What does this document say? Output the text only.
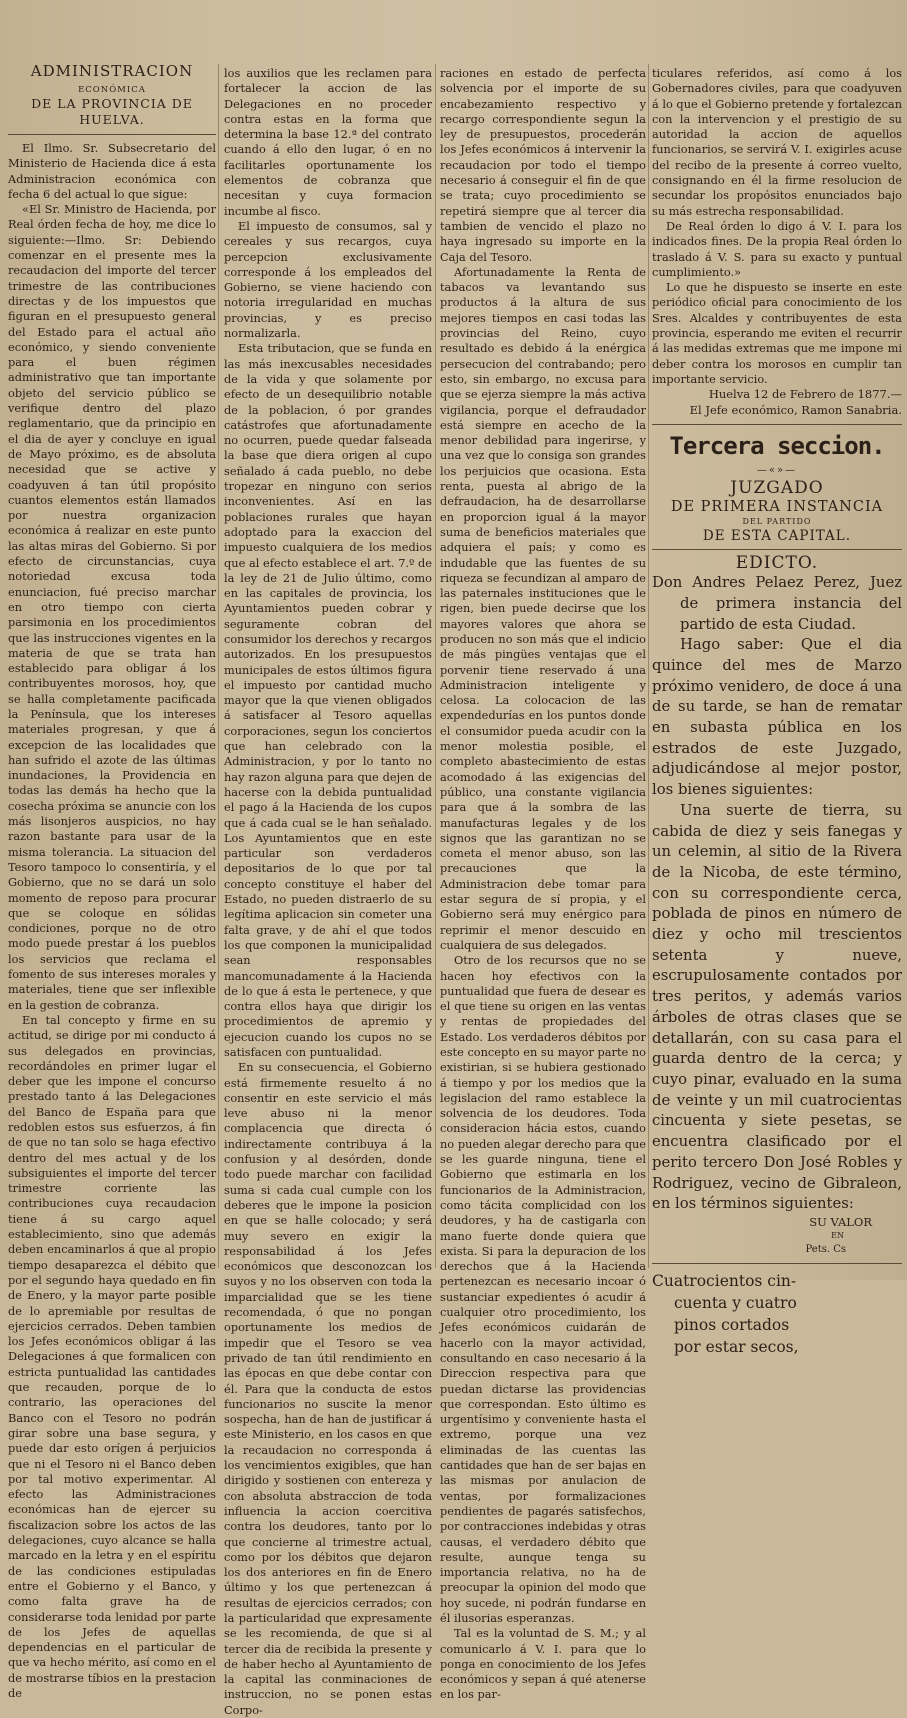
ADMINISTRACION
ECONÓMICA
DE LA PROVINCIA DE HUELVA.

El Ilmo. Sr. Subsecretario del Ministerio de Hacienda dice á esta Administracion económica con fecha 6 del actual lo que sigue:

«El Sr. Ministro de Hacienda, por Real órden fecha de hoy, me dice lo siguiente:—Ilmo. Sr: Debiendo comenzar en el presente mes la recaudacion del importe del tercer trimestre de las contribuciones directas y de los impuestos que figuran en el presupuesto general del Estado para el actual año económico, y siendo conveniente para el buen régimen administrativo que tan importante objeto del servicio público se verifique dentro del plazo reglamentario, que da principio en el dia de ayer y concluye en igual de Mayo próximo, es de absoluta necesidad que se active y coadyuven á tan útil propósito cuantos elementos están llamados por nuestra organizacion económica á realizar en este punto las altas miras del Gobierno. Si por efecto de circunstancias, cuya notoriedad excusa toda enunciacion, fué preciso marchar en otro tiempo con cierta parsimonia en los procedimientos que las instrucciones vigentes en la materia de que se trata han establecido para obligar á los contribuyentes morosos, hoy, que se halla completamente pacificada la Península, que los intereses materiales progresan, y que á excepcion de las localidades que han sufrido el azote de las últimas inundaciones, la Providencia en todas las demás ha hecho que la cosecha próxima se anuncie con los más lisonjeros auspicios, no hay razon bastante para usar de la misma tolerancia. La situacion del Tesoro tampoco lo consentiría, y el Gobierno, que no se dará un solo momento de reposo para procurar que se coloque en sólidas condiciones, porque no de otro modo puede prestar á los pueblos los servicios que reclama el fomento de sus intereses morales y materiales, tiene que ser inflexible en la gestion de cobranza.

En tal concepto y firme en su actitud, se dirige por mi conducto á sus delegados en provincias, recordándoles en primer lugar el deber que les impone el concurso prestado tanto á las Delegaciones del Banco de España para que redoblen estos sus esfuerzos, á fin de que no tan solo se haga efectivo dentro del mes actual y de los subsiguientes el importe del tercer trimestre corriente las contribuciones cuya recaudacion tiene á su cargo aquel establecimiento, sino que además deben encaminarlos á que al propio tiempo desaparezca el débito que por el segundo haya quedado en fin de Enero, y la mayor parte posible de lo apremiable por resultas de ejercicios cerrados. Deben tambien los Jefes económicos obligar á las Delegaciones á que formalicen con estricta puntualidad las cantidades que recauden, porque de lo contrario, las operaciones del Banco con el Tesoro no podrán girar sobre una base segura, y puede dar esto orígen á perjuicios que ni el Tesoro ni el Banco deben por tal motivo experimentar. Al efecto las Administraciones económicas han de ejercer su fiscalizacion sobre los actos de las delegaciones, cuyo alcance se halla marcado en la letra y en el espíritu de las condiciones estipuladas entre el Gobierno y el Banco, y como falta grave ha de considerarse toda lenidad por parte de los Jefes de aquellas dependencias en el particular de que va hecho mérito, así como en el de mostrarse tíbios en la prestacion de

los auxilios que les reclamen para fortalecer la accion de las Delegaciones en no proceder contra estas en la forma que determina la base 12.ª del contrato cuando á ello den lugar, ó en no facilitarles oportunamente los elementos de cobranza que necesitan y cuya formacion incumbe al fisco.

El impuesto de consumos, sal y cereales y sus recargos, cuya percepcion exclusivamente corresponde á los empleados del Gobierno, se viene haciendo con notoria irregularidad en muchas provincias, y es preciso normalizarla.

Esta tributacion, que se funda en las más inexcusables necesidades de la vida y que solamente por efecto de un desequilibrio notable de la poblacion, ó por grandes catástrofes que afortunadamente no ocurren, puede quedar falseada la base que diera origen al cupo señalado á cada pueblo, no debe tropezar en ninguno con serios inconvenientes. Así en las poblaciones rurales que hayan adoptado para la exaccion del impuesto cualquiera de los medios que al efecto establece el art. 7.º de la ley de 21 de Julio último, como en las capitales de provincia, los Ayuntamientos pueden cobrar y seguramente cobran del consumidor los derechos y recargos autorizados. En los presupuestos municipales de estos últimos figura el impuesto por cantidad mucho mayor que la que vienen obligados á satisfacer al Tesoro aquellas corporaciones, segun los conciertos que han celebrado con la Administracion, y por lo tanto no hay razon alguna para que dejen de hacerse con la debida puntualidad el pago á la Hacienda de los cupos que á cada cual se le han señalado. Los Ayuntamientos que en este particular son verdaderos depositarios de lo que por tal concepto constituye el haber del Estado, no pueden distraerlo de su legítima aplicacion sin cometer una falta grave, y de ahí el que todos los que componen la municipalidad sean responsables mancomunadamente á la Hacienda de lo que á esta le pertenece, y que contra ellos haya que dirigir los procedimientos de apremio y ejecucion cuando los cupos no se satisfacen con puntualidad.

En su consecuencia, el Gobierno está firmemente resuelto á no consentir en este servicio el más leve abuso ni la menor complacencia que directa ó indirectamente contribuya á la confusion y al desórden, donde todo puede marchar con facilidad suma si cada cual cumple con los deberes que le impone la posicion en que se halle colocado; y será muy severo en exigir la responsabilidad á los Jefes económicos que desconozcan los suyos y no los observen con toda la imparcialidad que se les tiene recomendada, ó que no pongan oportunamente los medios de impedir que el Tesoro se vea privado de tan útil rendimiento en las épocas en que debe contar con él. Para que la conducta de estos funcionarios no suscite la menor sospecha, han de han de justificar á este Ministerio, en los casos en que la recaudacion no corresponda á los vencimientos exigibles, que han dirigido y sostienen con entereza y con absoluta abstraccion de toda influencia la accion coercitiva contra los deudores, tanto por lo que concierne al trimestre actual, como por los débitos que dejaron los dos anteriores en fin de Enero último y los que pertenezcan á resultas de ejercicios cerrados; con la particularidad que expresamente se les recomienda, de que si al tercer dia de recibida la presente y de haber hecho al Ayuntamiento de la capital las conminaciones de instruccion, no se ponen estas Corpo-

raciones en estado de perfecta solvencia por el importe de su encabezamiento respectivo y recargo correspondiente segun la ley de presupuestos, procederán los Jefes económicos á intervenir la recaudacion por todo el tiempo necesario á conseguir el fin de que se trata; cuyo procedimiento se repetirá siempre que al tercer dia tambien de vencido el plazo no haya ingresado su importe en la Caja del Tesoro.

Afortunadamente la Renta de tabacos va levantando sus productos á la altura de sus mejores tiempos en casi todas las provincias del Reino, cuyo resultado es debido á la enérgica persecucion del contrabando; pero esto, sin embargo, no excusa para que se ejerza siempre la más activa vigilancia, porque el defraudador está siempre en acecho de la menor debilidad para ingerirse, y una vez que lo consiga son grandes los perjuicios que ocasiona. Esta renta, puesta al abrigo de la defraudacion, ha de desarrollarse en proporcion igual á la mayor suma de beneficios materiales que adquiera el país; y como es indudable que las fuentes de su riqueza se fecundizan al amparo de las paternales instituciones que le rigen, bien puede decirse que los mayores valores que ahora se producen no son más que el indicio de más pingües ventajas que el porvenir tiene reservado á una Administracion inteligente y celosa. La colocacion de las expendedurías en los puntos donde el consumidor pueda acudir con la menor molestia posible, el completo abastecimiento de estas acomodado á las exigencias del público, una constante vigilancia para que á la sombra de las manufacturas legales y de los signos que las garantizan no se cometa el menor abuso, son las precauciones que la Administracion debe tomar para estar segura de sí propia, y el Gobierno será muy enérgico para reprimir el menor descuido en cualquiera de sus delegados.

Otro de los recursos que no se hacen hoy efectivos con la puntualidad que fuera de desear es el que tiene su origen en las ventas y rentas de propiedades del Estado. Los verdaderos débitos por este concepto en su mayor parte no existirian, si se hubiera gestionado á tiempo y por los medios que la legislacion del ramo establece la solvencia de los deudores. Toda consideracion hácia estos, cuando no pueden alegar derecho para que se les guarde ninguna, tiene el Gobierno que estimarla en los funcionarios de la Administracion, como tácita complicidad con los deudores, y ha de castigarla con mano fuerte donde quiera que exista. Si para la depuracion de los derechos que á la Hacienda pertenezcan es necesario incoar ó sustanciar expedientes ó acudir á cualquier otro procedimiento, los Jefes económicos cuidarán de hacerlo con la mayor actividad, consultando en caso necesario á la Direccion respectiva para que puedan dictarse las providencias que correspondan. Esto último es urgentísimo y conveniente hasta el extremo, porque una vez eliminadas de las cuentas las cantidades que han de ser bajas en las mismas por anulacion de ventas, por formalizaciones pendientes de pagarés satisfechos, por contracciones indebidas y otras causas, el verdadero débito que resulte, aunque tenga su importancia relativa, no ha de preocupar la opinion del modo que hoy sucede, ni podrán fundarse en él ilusorias esperanzas.

Tal es la voluntad de S. M.; y al comunicarlo á V. I. para que lo ponga en conocimiento de los Jefes económicos y sepan á qué atenerse en los par-

ticulares referidos, así como á los Gobernadores civiles, para que coadyuven á lo que el Gobierno pretende y fortalezcan con la intervencion y el prestigio de su autoridad la accion de aquellos funcionarios, se servirá V. I. exigirles acuse del recibo de la presente á correo vuelto, consignando en él la firme resolucion de secundar los propósitos enunciados bajo su más estrecha responsabilidad.

De Real órden lo digo á V. I. para los indicados fines. De la propia Real órden lo traslado á V. S. para su exacto y puntual cumplimiento.»

Lo que he dispuesto se inserte en este periódico oficial para conocimiento de los Sres. Alcaldes y contribuyentes de esta provincia, esperando me eviten el recurrir á las medidas extremas que me impone mi deber contra los morosos en cumplir tan importante servicio.

Huelva 12 de Febrero de 1877.—
El Jefe económico, Ramon Sanabria.
Tercera seccion.
—«»—
JUZGADO
DE PRIMERA INSTANCIA
DEL PARTIDO
DE ESTA CAPITAL.
EDICTO.

Don Andres Pelaez Perez, Juez de primera instancia del partido de esta Ciudad.

Hago saber: Que el dia quince del mes de Marzo próximo venidero, de doce á una de su tarde, se han de rematar en subasta pública en los estrados de este Juzgado, adjudicándose al mejor postor, los bienes siguientes:

Una suerte de tierra, su cabida de diez y seis fanegas y un celemin, al sitio de la Rivera de la Nicoba, de este término, con su correspondiente cerca, poblada de pinos en número de diez y ocho mil trescientos setenta y nueve, escrupulosamente contados por tres peritos, y además varios árboles de otras clases que se detallarán, con su casa para el guarda dentro de la cerca; y cuyo pinar, evaluado en la suma de veinte y un mil cuatrocientas cincuenta y siete pesetas, se encuentra clasificado por el perito tercero Don José Robles y Rodriguez, vecino de Gibraleon, en los términos siguientes:

SU VALOR
EN
Pets. Cs
Cuatrocientos cin-
cuenta y cuatro
pinos cortados
por estar secos,
